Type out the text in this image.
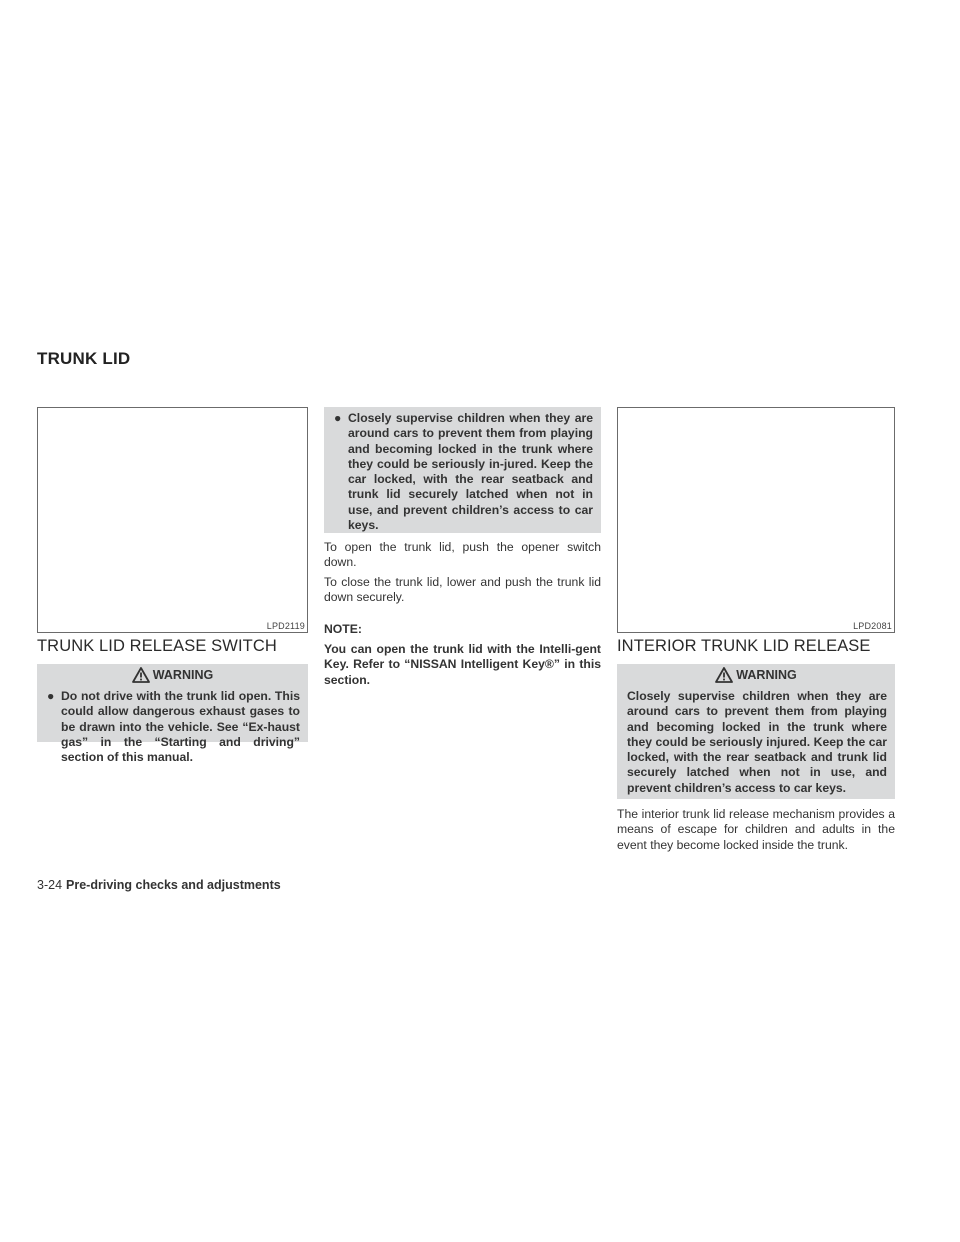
TRUNK LID
LPD2119
TRUNK LID RELEASE SWITCH
WARNING
● Do not drive with the trunk lid open. This could allow dangerous exhaust gases to be drawn into the vehicle. See “Ex-haust gas” in the “Starting and driving” section of this manual.
● Closely supervise children when they are around cars to prevent them from playing and becoming locked in the trunk where they could be seriously in-jured. Keep the car locked, with the rear seatback and trunk lid securely latched when not in use, and prevent children’s access to car keys.
To open the trunk lid, push the opener switch down.
To close the trunk lid, lower and push the trunk lid down securely.
NOTE:
You can open the trunk lid with the Intelli-gent Key. Refer to “NISSAN Intelligent Key®” in this section.
LPD2081
INTERIOR TRUNK LID RELEASE
WARNING
Closely supervise children when they are around cars to prevent them from playing and becoming locked in the trunk where they could be seriously injured. Keep the car locked, with the rear seatback and trunk lid securely latched when not in use, and prevent children’s access to car keys.
The interior trunk lid release mechanism provides a means of escape for children and adults in the event they become locked inside the trunk.
3-24 Pre-driving checks and adjustments
